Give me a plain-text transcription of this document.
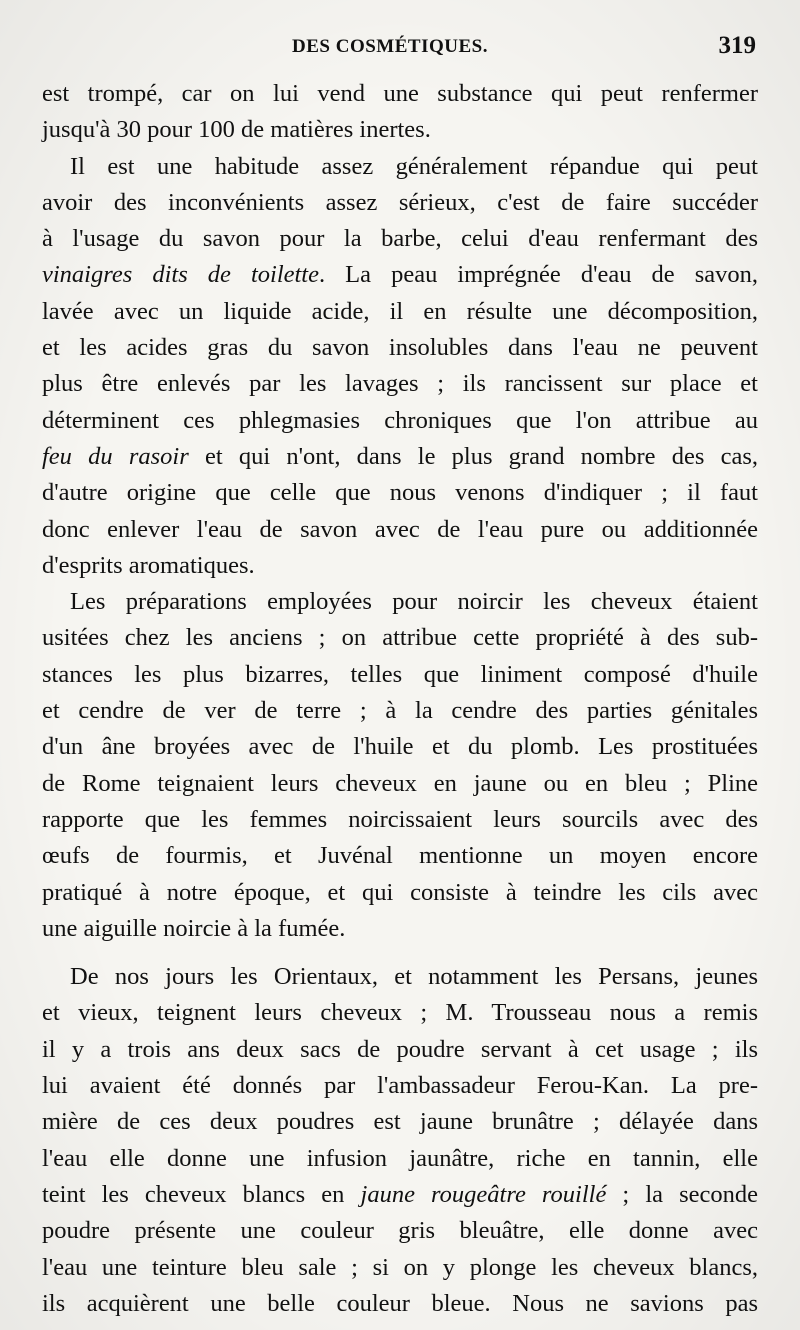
DES COSMÉTIQUES.	319

est trompé, car on lui vend une substance qui peut renfermer
jusqu'à 30 pour 100 de matières inertes.

Il est une habitude assez généralement répandue qui peut
avoir des inconvénients assez sérieux, c'est de faire succéder
à l'usage du savon pour la barbe, celui d'eau renfermant des
vinaigres dits de toilette. La peau imprégnée d'eau de savon,
lavée avec un liquide acide, il en résulte une décomposition,
et les acides gras du savon insolubles dans l'eau ne peuvent
plus être enlevés par les lavages ; ils rancissent sur place et
déterminent ces phlegmasies chroniques que l'on attribue au
feu du rasoir et qui n'ont, dans le plus grand nombre des cas,
d'autre origine que celle que nous venons d'indiquer ; il faut
donc enlever l'eau de savon avec de l'eau pure ou additionnée
d'esprits aromatiques.

Les préparations employées pour noircir les cheveux étaient
usitées chez les anciens ; on attribue cette propriété à des sub-
stances les plus bizarres, telles que liniment composé d'huile
et cendre de ver de terre ; à la cendre des parties génitales
d'un âne broyées avec de l'huile et du plomb. Les prostituées
de Rome teignaient leurs cheveux en jaune ou en bleu ; Pline
rapporte que les femmes noircissaient leurs sourcils avec des
œufs de fourmis, et Juvénal mentionne un moyen encore
pratiqué à notre époque, et qui consiste à teindre les cils avec
une aiguille noircie à la fumée.

De nos jours les Orientaux, et notamment les Persans, jeunes
et vieux, teignent leurs cheveux ; M. Trousseau nous a remis
il y a trois ans deux sacs de poudre servant à cet usage ; ils
lui avaient été donnés par l'ambassadeur Ferou-Kan. La pre-
mière de ces deux poudres est jaune brunâtre ; délayée dans
l'eau elle donne une infusion jaunâtre, riche en tannin, elle
teint les cheveux blancs en jaune rougeâtre rouillé ; la seconde
poudre présente une couleur gris bleuâtre, elle donne avec
l'eau une teinture bleu sale ; si on y plonge les cheveux blancs,
ils acquièrent une belle couleur bleue. Nous ne savions pas
